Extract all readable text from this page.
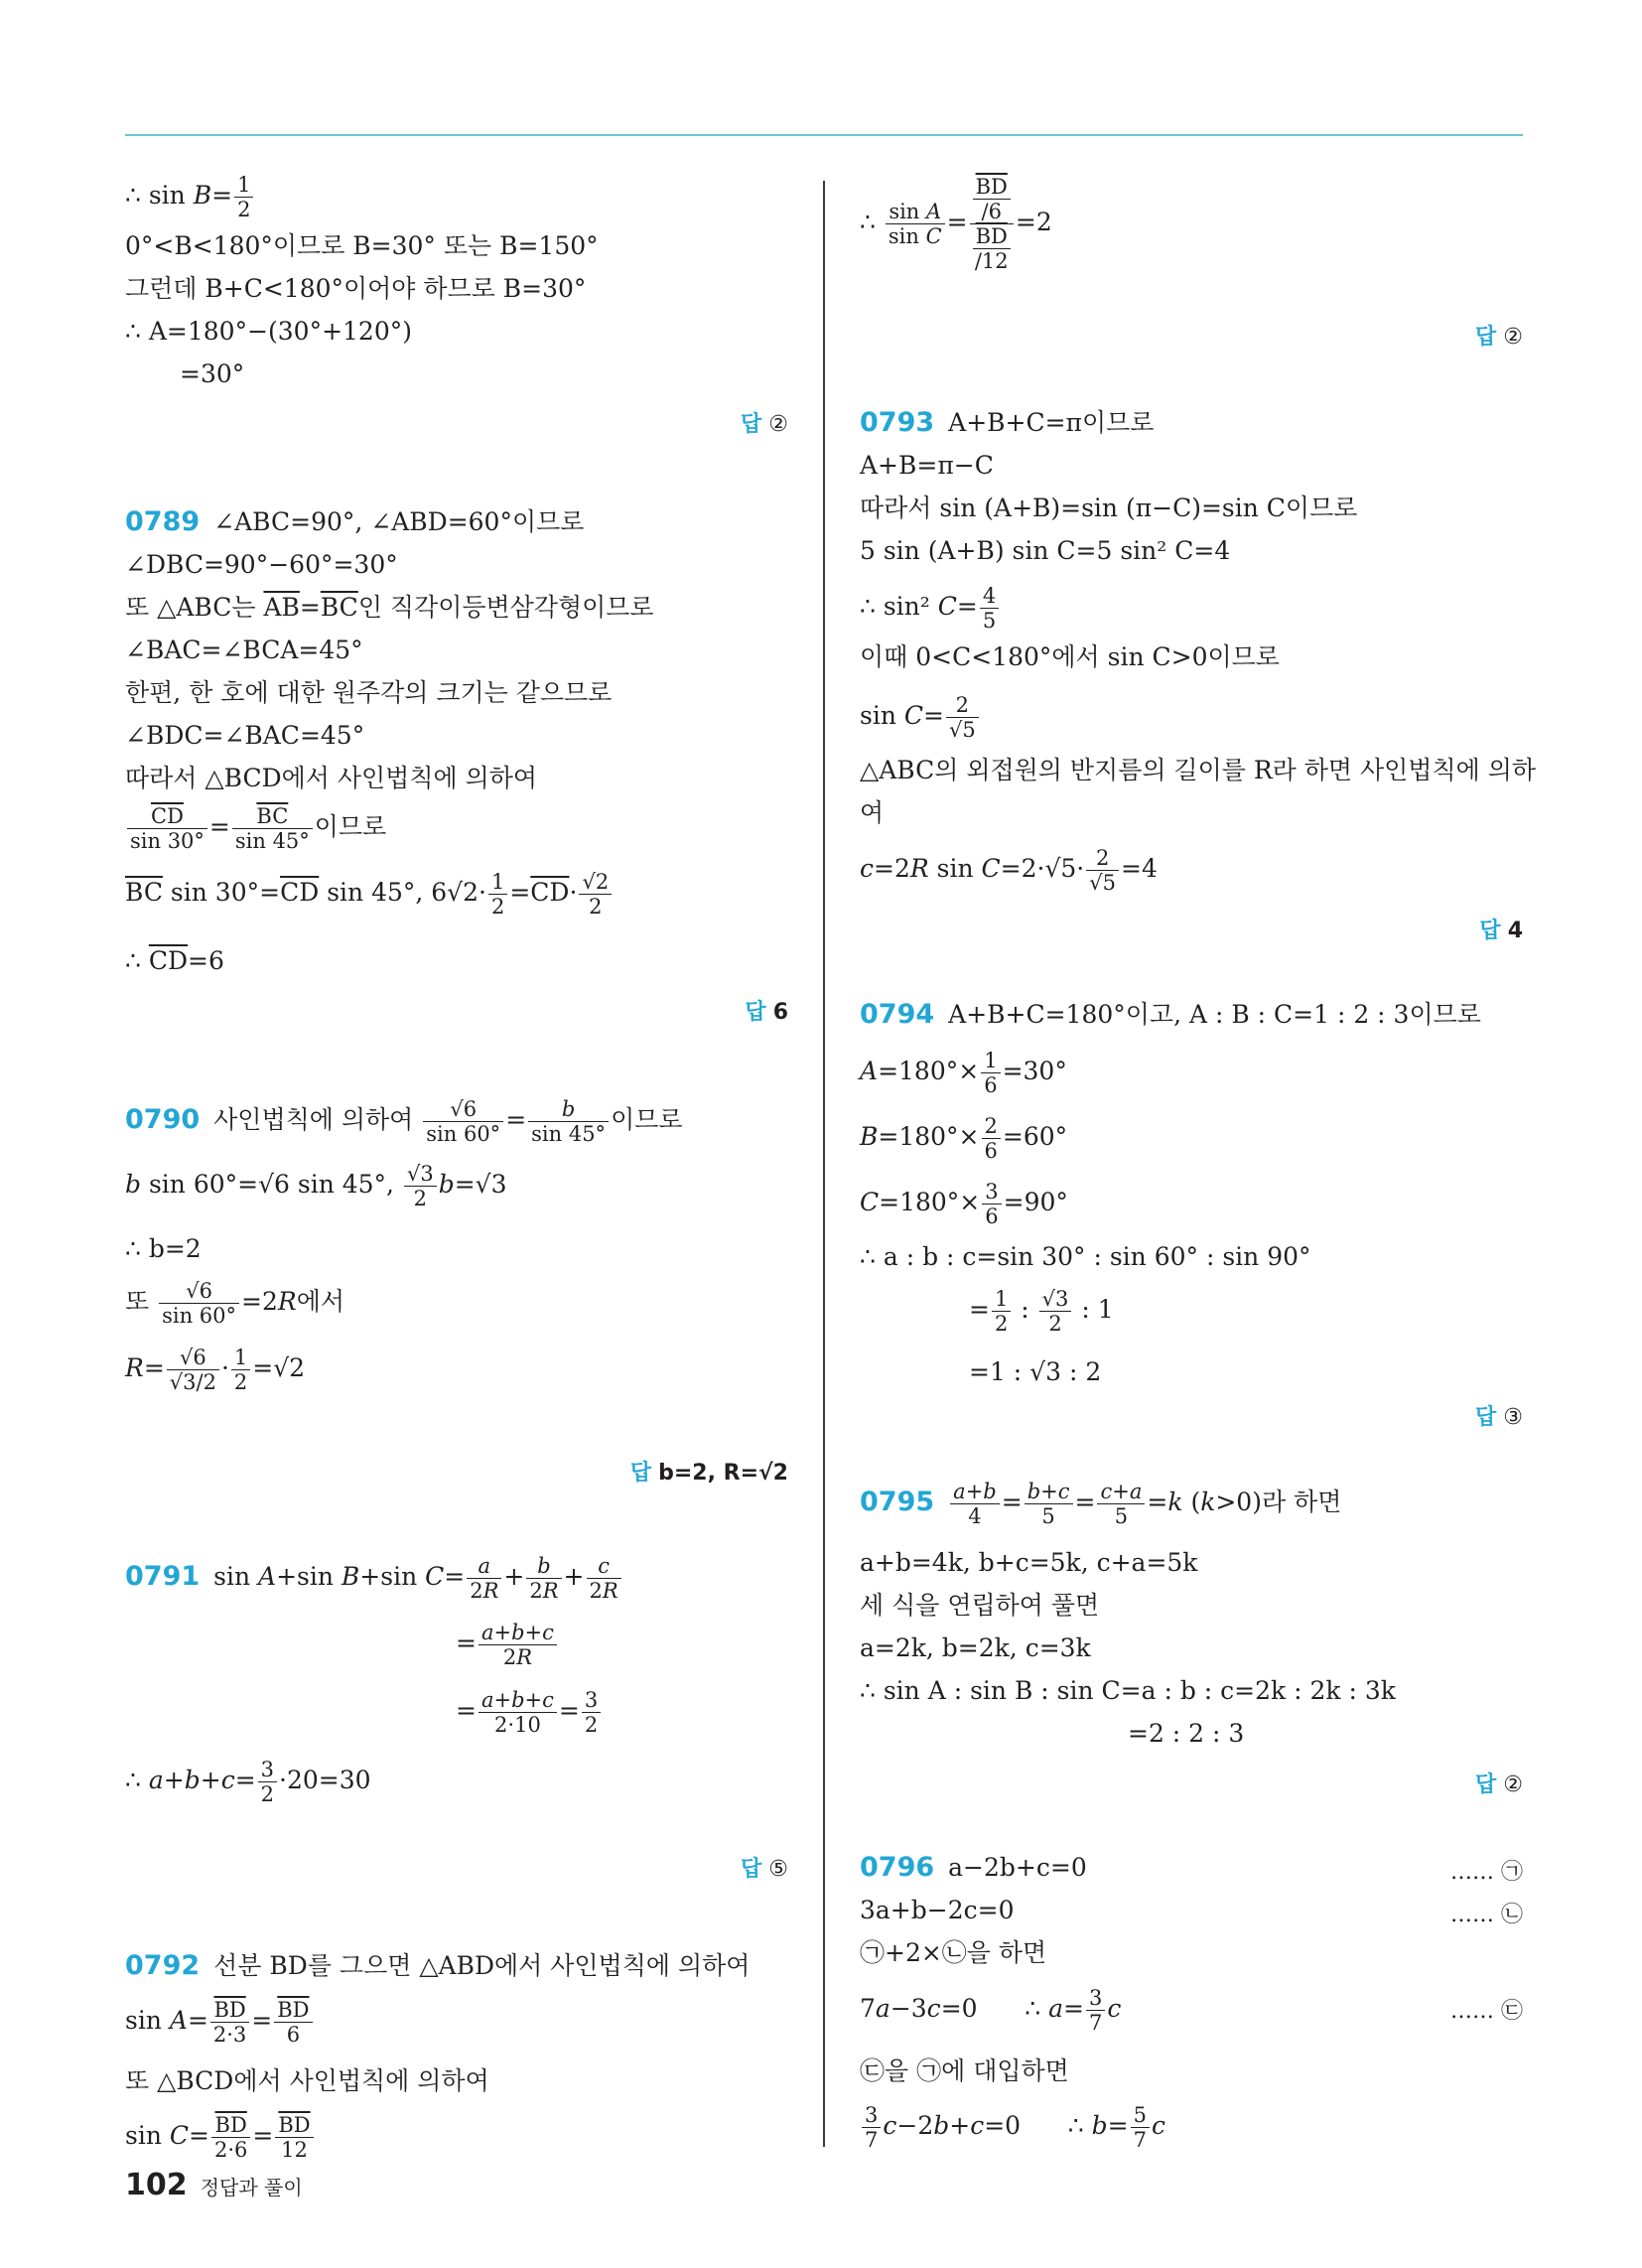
∴ $\sin B= \frac{1}{2}$
0°<B<180°이므로 B=30° 또는 B=150°
그런데 B+C<180°이어야 하므로 B=30°
∴ A=180°−(30°+120°)
=30°
답 ②
0789 ∠ABC=90°, ∠ABD=60°이므로
∠DBC=90°−60°=30°
또 △ABC는 $\overline{AB}=\overline{BC}$인 직각이등변삼각형이므로
∠BAC=∠BCA=45°
한편, 한 호에 대한 원주각의 크기는 같으므로
∠BDC=∠BAC=45°
따라서 △BCD에서 사인법칙에 의하여
$\frac{\overline{CD}}{\sin 30^\circ} = \frac{\overline{BC}}{\sin 45^\circ}$ 이므로
$\overline{BC}$ $\sin 30^\circ=\overline{CD}$ sin 45°, $6√2\cdot \frac{1}{2} =\overline{CD}\cdot \frac{√2}{2}$
∴ $\overline{CD}=6$
답 6
0790 사인법칙에 의하여 $\frac{√6}{\sin 60^\circ} = \frac{b}{\sin 45^\circ}$ 이므로
b sin 60°=√6 sin 45°, $\frac{√3}{2} b=√3$
∴ b=2
또 $\frac{√6}{\sin 60^\circ} =2R$에서
$R= \frac{√6}{√3/2} \cdot \frac{1}{2} =√2$
답 b=2, R=√2
0791 sin A+sin B+sin $C= \frac{a}{2R} + \frac{b}{2R} + \frac{c}{2R}$
= $\frac{a+b+c}{2R}$
= $\frac{a+b+c}{2\cdot 10} = \frac{3}{2}$
∴ $a+b+c= \frac{3}{2} \cdot 20=30$
답 ⑤
0792 선분 BD를 그으면 △ABD에서 사인법칙에 의하여
$\sin A= \frac{\overline{BD}}{2\cdot 3} = \frac{\overline{BD}}{6}$
또 △BCD에서 사인법칙에 의하여
$\sin C= \frac{\overline{BD}}{2\cdot 6} = \frac{\overline{BD}}{12}$
∴ $\frac{\text{sin A}}{\text{sin C}} = \overline{BD}$
/6
$\overline{BD}$
/12 =2
답 ②
0793 A+B+C=π이므로
A+B=π−C
따라서 sin (A+B)=sin (π−C)=sin C이므로
5 sin (A+B) sin C=5 sin² C=4
∴ sin² $C= \frac{4}{5}$
이때 0<C<180°에서 sin C>0이므로
$\sin C= \frac{2}{√5}$
△ABC의 외접원의 반지름의 길이를 R라 하면 사인법칙에 의하
여
c=2R $\sin C=2\cdot√5\cdot \frac{2}{√5} =4$
답 4
0794 A+B+C=180°이고, A : B : C=1 : 2 : 3이므로
$A=180^\circ\times \frac{1}{6} =30^\circ$
$B=180^\circ\times \frac{2}{6} =60^\circ$
$C=180^\circ\times \frac{3}{6} =90^\circ$
∴ a : b : c=sin 30° : sin 60° : sin 90°
= $\frac{1}{2}$ : $\frac{√3}{2}$ : 1
=1 : √3 : 2
답 ③
$0795 \frac{a+b}{4} = \frac{b+c}{5} = \frac{c+a}{5} =k$ (k>0)라 하면
a+b=4k, b+c=5k, c+a=5k
세 식을 연립하여 풀면
a=2k, b=2k, c=3k
∴ sin A : sin B : sin C=a : b : c=2k : 2k : 3k
=2 : 2 : 3
답 ②
0796 a−2b+c=0	…… ㉠
3a+b−2c=0	…… ㉡
㉠+2×㉡을 하면
7a−3c=0      ∴ $a= \frac{3}{7}$ c	…… ㉢
㉢을 ㉠에 대입하면
$\frac{3}{7} c-2b+c=0$      ∴ $b= \frac{5}{7}$ c
102 정답과 풀이
